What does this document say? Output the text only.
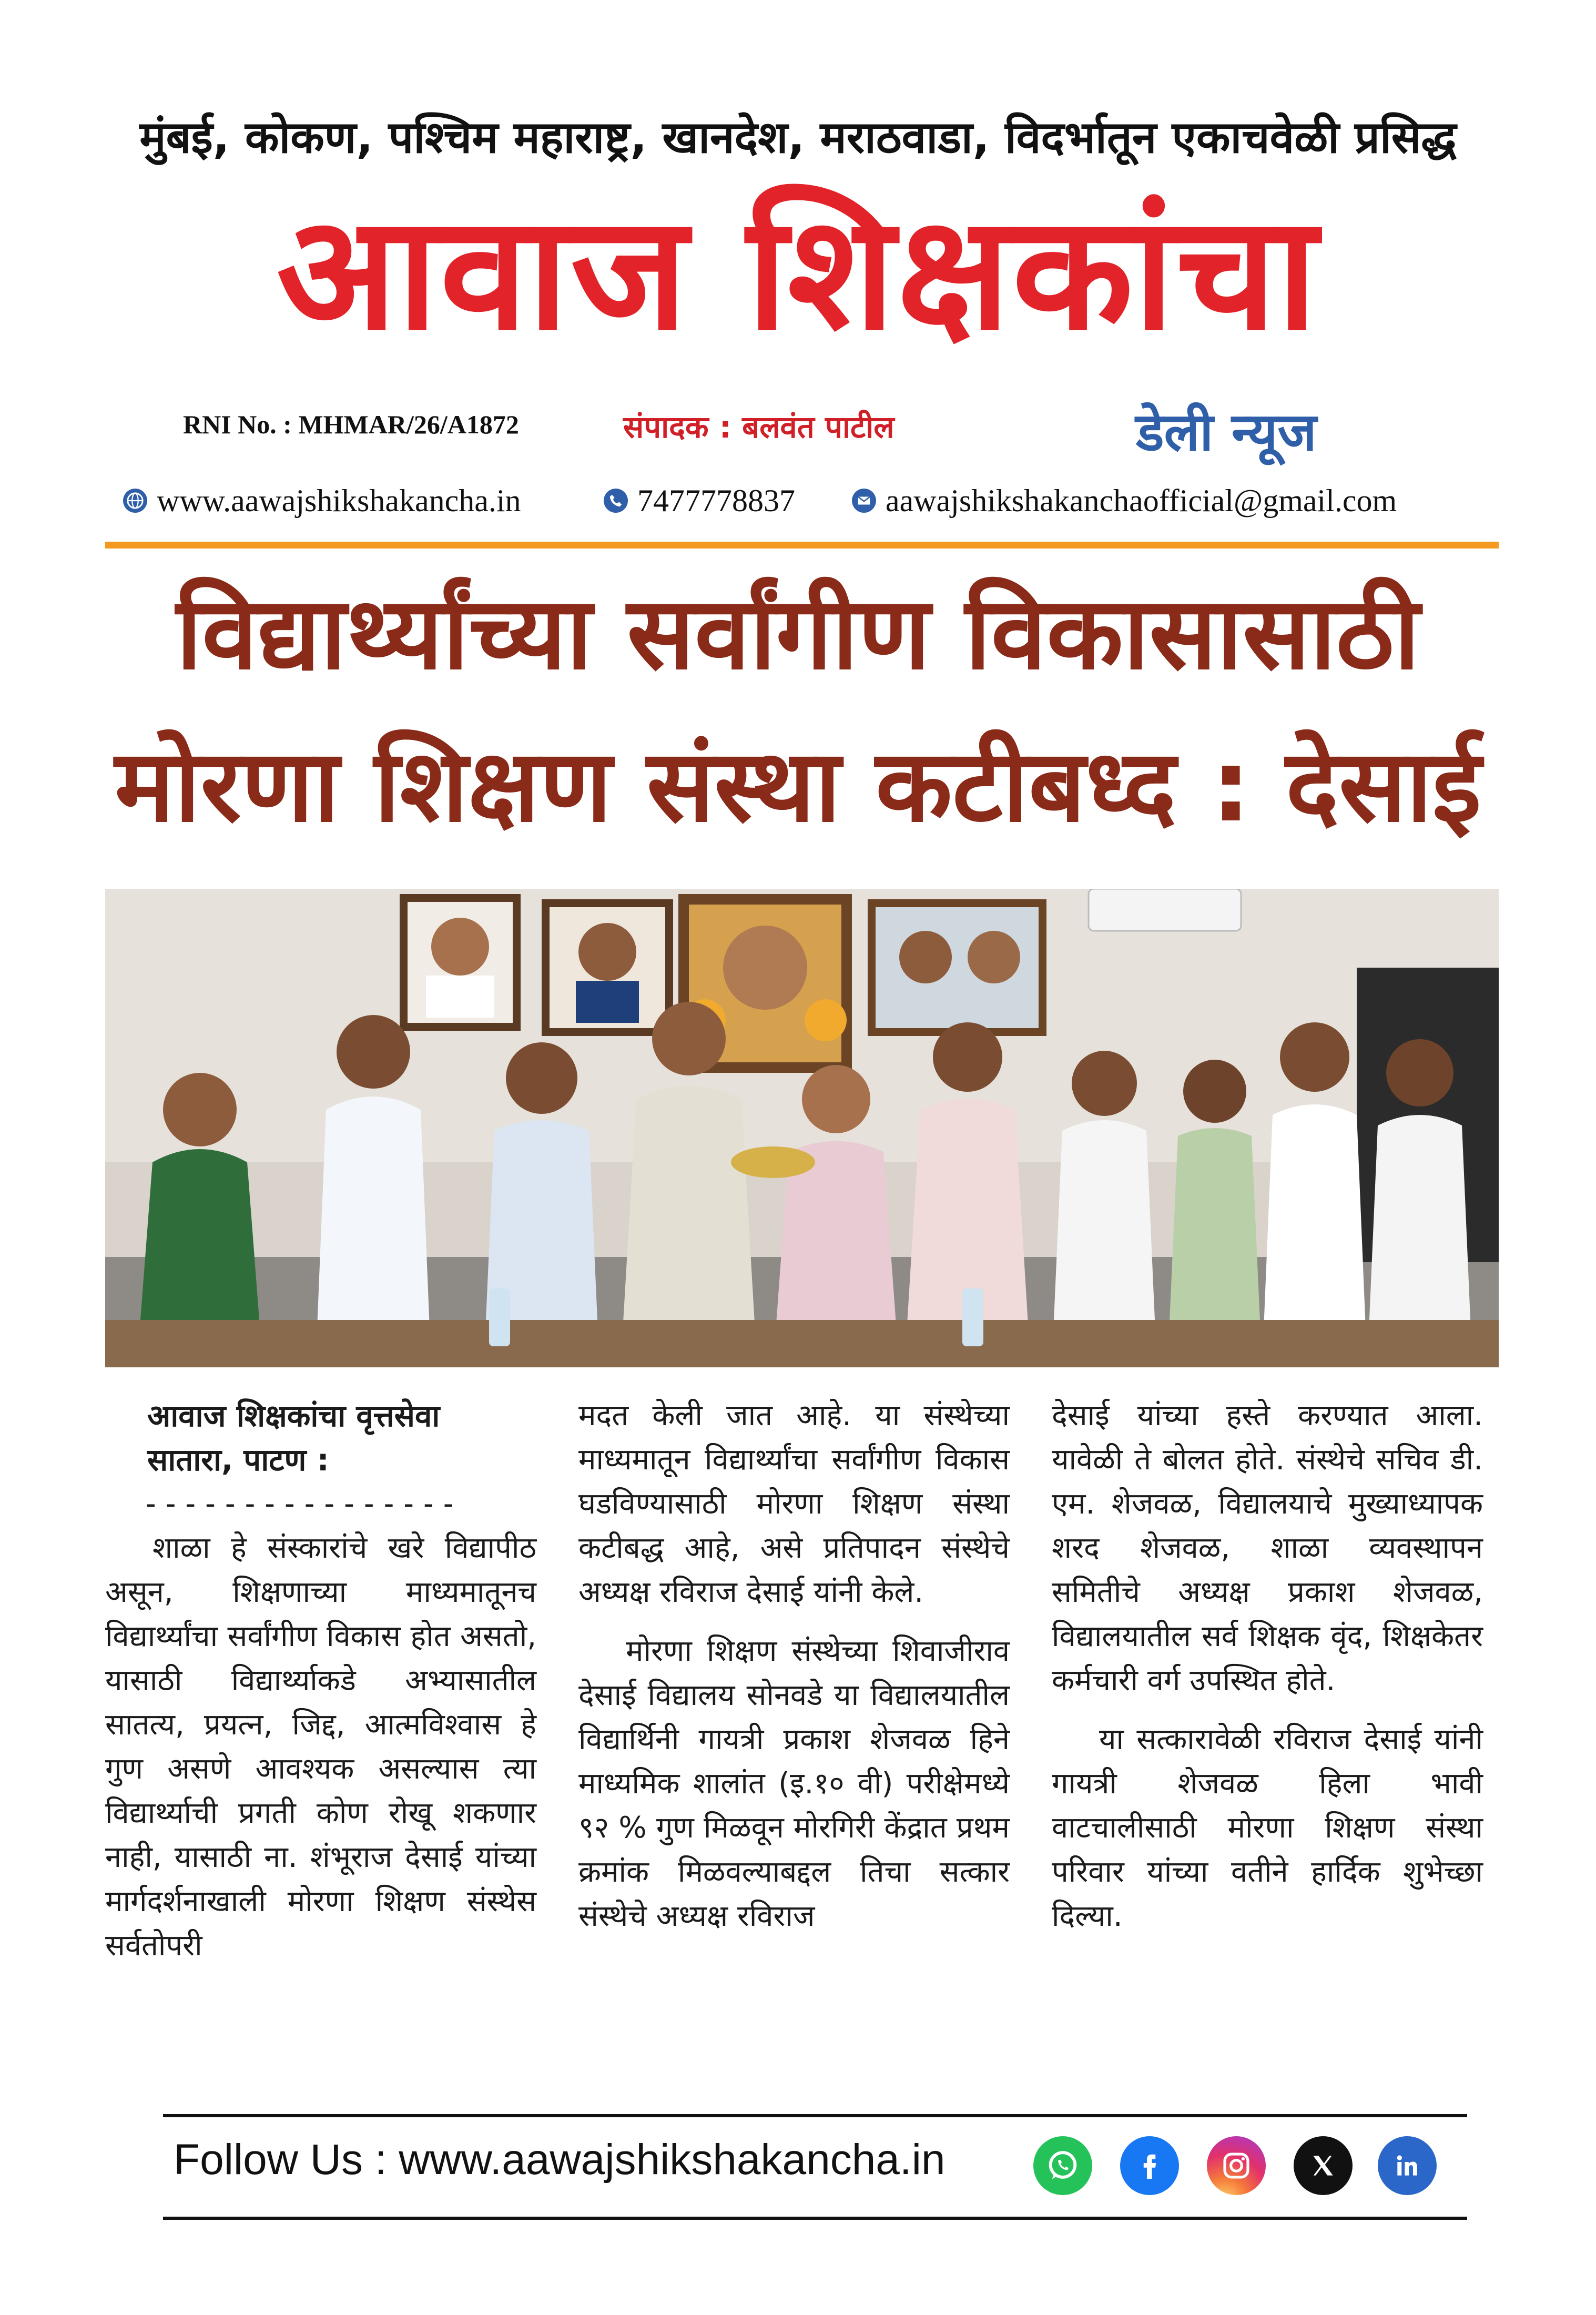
मुंबई, कोकण, पश्चिम महाराष्ट्र, खानदेश, मराठवाडा, विदर्भातून एकाचवेळी प्रसिद्ध
आवाज शिक्षकांचा
RNI No. : MHMAR/26/A1872	संपादक : बलवंत पाटील	डेली न्यूज
www.aawajshikshakancha.in	7477778837	aawajshikshakanchaofficial@gmail.com
विद्यार्थ्यांच्या सर्वांगीण विकासासाठी
मोरणा शिक्षण संस्था कटीबध्द : देसाई
आवाज शिक्षकांचा वृत्तसेवा
सातारा, पाटण :
----------------

शाळा हे संस्कारांचे खरे विद्यापीठ असून, शिक्षणाच्या माध्यमातूनच विद्यार्थ्यांचा सर्वांगीण विकास होत असतो, यासाठी विद्यार्थ्याकडे अभ्यासातील सातत्य, प्रयत्न, जिद्द, आत्मविश्वास हे गुण असणे आवश्यक असल्यास त्या विद्यार्थ्याची प्रगती कोण रोखू शकणार नाही, यासाठी ना. शंभूराज देसाई यांच्या मार्गदर्शनाखाली मोरणा शिक्षण संस्थेस सर्वतोपरी

मदत केली जात आहे. या संस्थेच्या माध्यमातून विद्यार्थ्यांचा सर्वांगीण विकास घडविण्यासाठी मोरणा शिक्षण संस्था कटीबद्ध आहे, असे प्रतिपादन संस्थेचे अध्यक्ष रविराज देसाई यांनी केले.

मोरणा शिक्षण संस्थेच्या शिवाजीराव देसाई विद्यालय सोनवडे या विद्यालयातील विद्यार्थिनी गायत्री प्रकाश शेजवळ हिने माध्यमिक शालांत (इ.१० वी) परीक्षेमध्ये ९२ % गुण मिळवून मोरगिरी केंद्रात प्रथम क्रमांक मिळवल्याबद्दल तिचा सत्कार संस्थेचे अध्यक्ष रविराज

देसाई यांच्या हस्ते करण्यात आला. यावेळी ते बोलत होते. संस्थेचे सचिव डी. एम. शेजवळ, विद्यालयाचे मुख्याध्यापक शरद शेजवळ, शाळा व्यवस्थापन समितीचे अध्यक्ष प्रकाश शेजवळ, विद्यालयातील सर्व शिक्षक वृंद, शिक्षकेतर कर्मचारी वर्ग उपस्थित होते.

या सत्कारावेळी रविराज देसाई यांनी गायत्री शेजवळ हिला भावी वाटचालीसाठी मोरणा शिक्षण संस्था परिवार यांच्या वतीने हार्दिक शुभेच्छा दिल्या.

Follow Us : www.aawajshikshakancha.in
